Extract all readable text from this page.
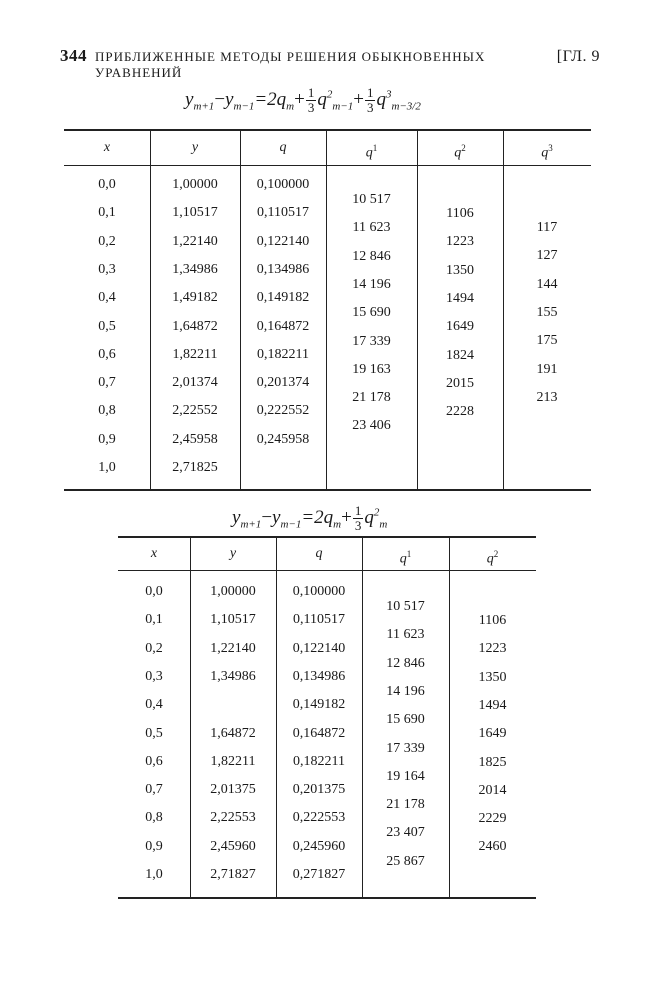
344 ПРИБЛИЖЕННЫЕ МЕТОДЫ РЕШЕНИЯ ОБЫКНОВЕННЫХ УРАВНЕНИЙ
[ГЛ. 9
$y_{m+1}-y_{m-1}=2q_m+ \frac{1}{3} q^2_{m-1}+ \frac{1}{3} q^3_{m-3/2}$
x
0,0
0,1
0,2
0,3
0,4
0,5
0,6
0,7
0,8
0,9
1,0
y
1,00000
1,10517
1,22140
1,34986
1,49182
1,64872
1,82211
2,01374
2,22552
2,45958
2,71825
q
0,100000
0,110517
0,122140
0,134986
0,149182
0,164872
0,182211
0,201374
0,222552
0,245958
$q^1$
10 517
11 623
12 846
14 196
15 690
17 339
19 163
21 178
23 406
$q^2$
1106
1223
1350
1494
1649
1824
2015
2228
$q^3$
117
127
144
155
175
191
213
$y_{m+1}-y_{m-1}=2q_m+ \frac{1}{3} q^2_m$
x
0,0
0,1
0,2
0,3
0,4
0,5
0,6
0,7
0,8
0,9
1,0
y
1,00000
1,10517
1,22140
1,34986
1,64872
1,82211
2,01375
2,22553
2,45960
2,71827
q
0,100000
0,110517
0,122140
0,134986
0,149182
0,164872
0,182211
0,201375
0,222553
0,245960
0,271827
$q^1$
10 517
11 623
12 846
14 196
15 690
17 339
19 164
21 178
23 407
25 867
$q^2$
1106
1223
1350
1494
1649
1825
2014
2229
2460
